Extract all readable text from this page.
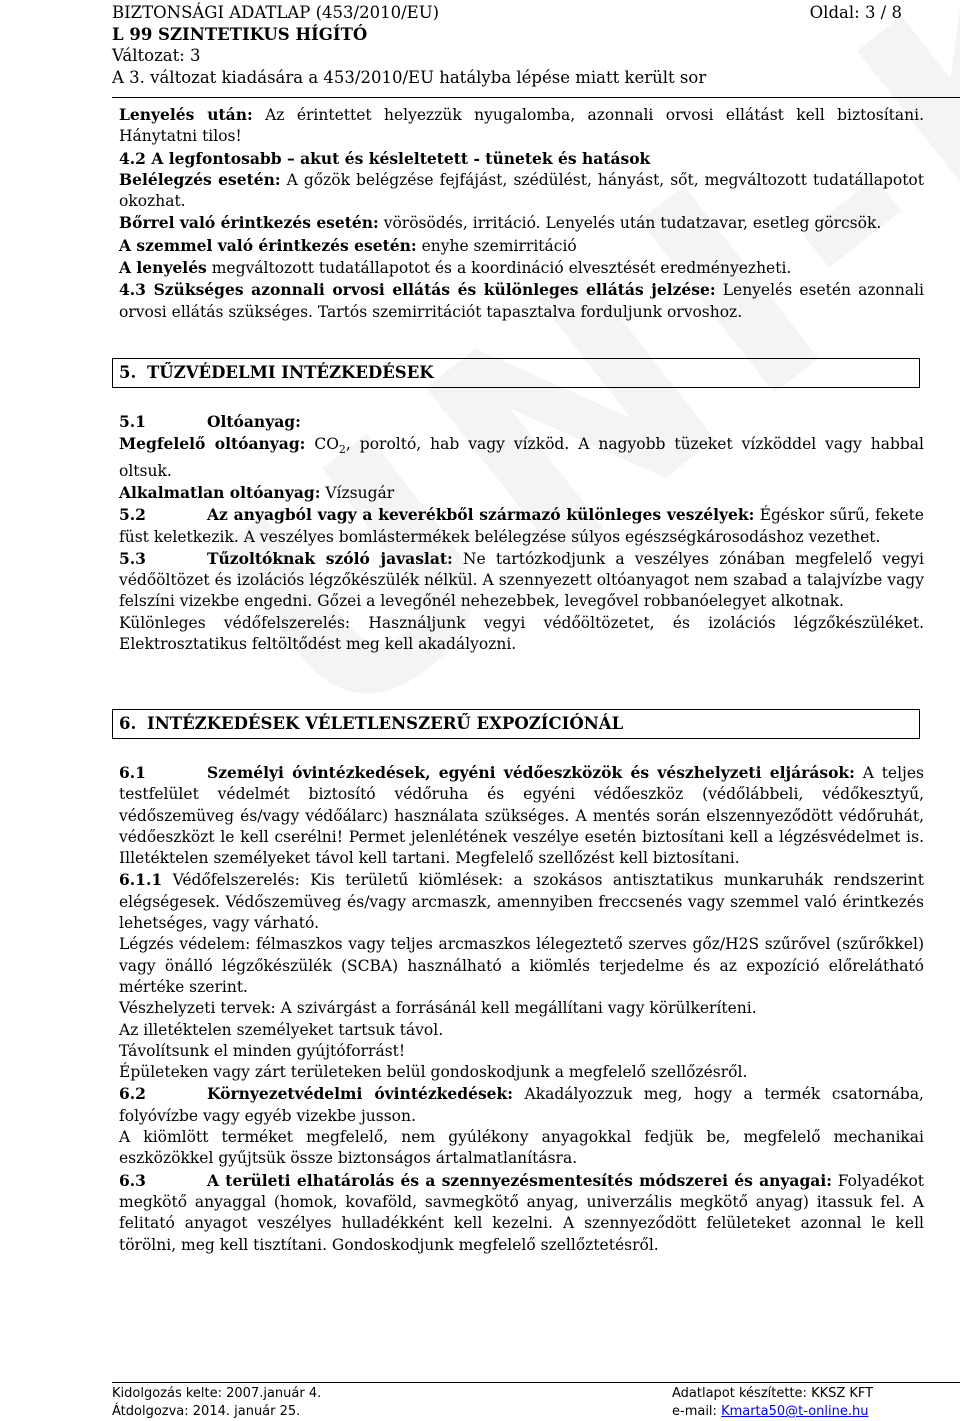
BIZTONSÁGI ADATLAP (453/2010/EU)	Oldal: 3 / 8
L 99 SZINTETIKUS HÍGÍTÓ
Változat: 3
A 3. változat kiadására a 453/2010/EU hatályba lépése miatt került sor

Lenyelés után: Az érintettet helyezzük nyugalomba, azonnali orvosi ellátást kell biztosítani. Hánytatni tilos!

4.2 A legfontosabb – akut és késleltetett - tünetek és hatások

Belélegzés esetén: A gőzök belégzése fejfájást, szédülést, hányást, sőt, megváltozott tudatállapotot okozhat.

Bőrrel való érintkezés esetén: vörösödés, irritáció. Lenyelés után tudatzavar, esetleg görcsök.

A szemmel való érintkezés esetén: enyhe szemirritáció

A lenyelés megváltozott tudatállapotot és a koordináció elvesztését eredményezheti.

4.3 Szükséges azonnali orvosi ellátás és különleges ellátás jelzése: Lenyelés esetén azonnali orvosi ellátás szükséges. Tartós szemirritációt tapasztalva forduljunk orvoshoz.

5. TŰZVÉDELMI INTÉZKEDÉSEK

5.1	Oltóanyag:

Megfelelő oltóanyag: $CO_2$, poroltó, hab vagy vízköd. A nagyobb tüzeket vízköddel vagy habbal oltsuk.

Alkalmatlan oltóanyag: Vízsugár

5.2	Az anyagból vagy a keverékből származó különleges veszélyek: Égéskor sűrű, fekete füst keletkezik. A veszélyes bomlástermékek belélegzése súlyos egészségkárosodáshoz vezethet.

5.3	Tűzoltóknak szóló javaslat: Ne tartózkodjunk a veszélyes zónában megfelelő vegyi védőöltözet és izolációs légzőkészülék nélkül. A szennyezett oltóanyagot nem szabad a talajvízbe vagy felszíni vizekbe engedni. Gőzei a levegőnél nehezebbek, levegővel robbanóelegyet alkotnak.

Különleges védőfelszerelés: Használjunk vegyi védőöltözetet, és izolációs légzőkészüléket. Elektrosztatikus feltöltődést meg kell akadályozni.

6. INTÉZKEDÉSEK VÉLETLENSZERŰ EXPOZÍCIÓNÁL

6.1	Személyi óvintézkedések, egyéni védőeszközök és vészhelyzeti eljárások: A teljes testfelület védelmét biztosító védőruha és egyéni védőeszköz (védőlábbeli, védőkesztyű, védőszemüveg és/vagy védőálarc) használata szükséges. A mentés során elszennyeződött védőruhát, védőeszközt le kell cserélni! Permet jelenlétének veszélye esetén biztosítani kell a légzésvédelmet is. Illetéktelen személyeket távol kell tartani. Megfelelő szellőzést kell biztosítani.

6.1.1 Védőfelszerelés: Kis területű kiömlések: a szokásos antisztatikus munkaruhák rendszerint elégségesek. Védőszemüveg és/vagy arcmaszk, amennyiben freccsenés vagy szemmel való érintkezés lehetséges, vagy várható.

Légzés védelem: félmaszkos vagy teljes arcmaszkos lélegeztető szerves gőz/H2S szűrővel (szűrőkkel) vagy önálló légzőkészülék (SCBA) használható a kiömlés terjedelme és az expozíció előrelátható mértéke szerint.

Vészhelyzeti tervek: A szivárgást a forrásánál kell megállítani vagy körülkeríteni.

Az illetéktelen személyeket tartsuk távol.

Távolítsunk el minden gyújtóforrást!

Épületeken vagy zárt területeken belül gondoskodjunk a megfelelő szellőzésről.

6.2	Környezetvédelmi óvintézkedések: Akadályozzuk meg, hogy a termék csatornába, folyóvízbe vagy egyéb vizekbe jusson.

A kiömlött terméket megfelelő, nem gyúlékony anyagokkal fedjük be, megfelelő mechanikai eszközökkel gyűjtsük össze biztonságos ártalmatlanításra.

6.3	A területi elhatárolás és a szennyezésmentesítés módszerei és anyagai: Folyadékot megkötő anyaggal (homok, kovaföld, savmegkötő anyag, univerzális megkötő anyag) itassuk fel. A felitató anyagot veszélyes hulladékként kell kezelni. A szennyeződött felületeket azonnal le kell törölni, meg kell tisztítani. Gondoskodjunk megfelelő szellőztetésről.

Kidolgozás kelte: 2007.január 4.	Adatlapot készítette: KKSZ KFT
Átdolgozva: 2014. január 25.	e-mail: Kmarta50@t-online.hu
